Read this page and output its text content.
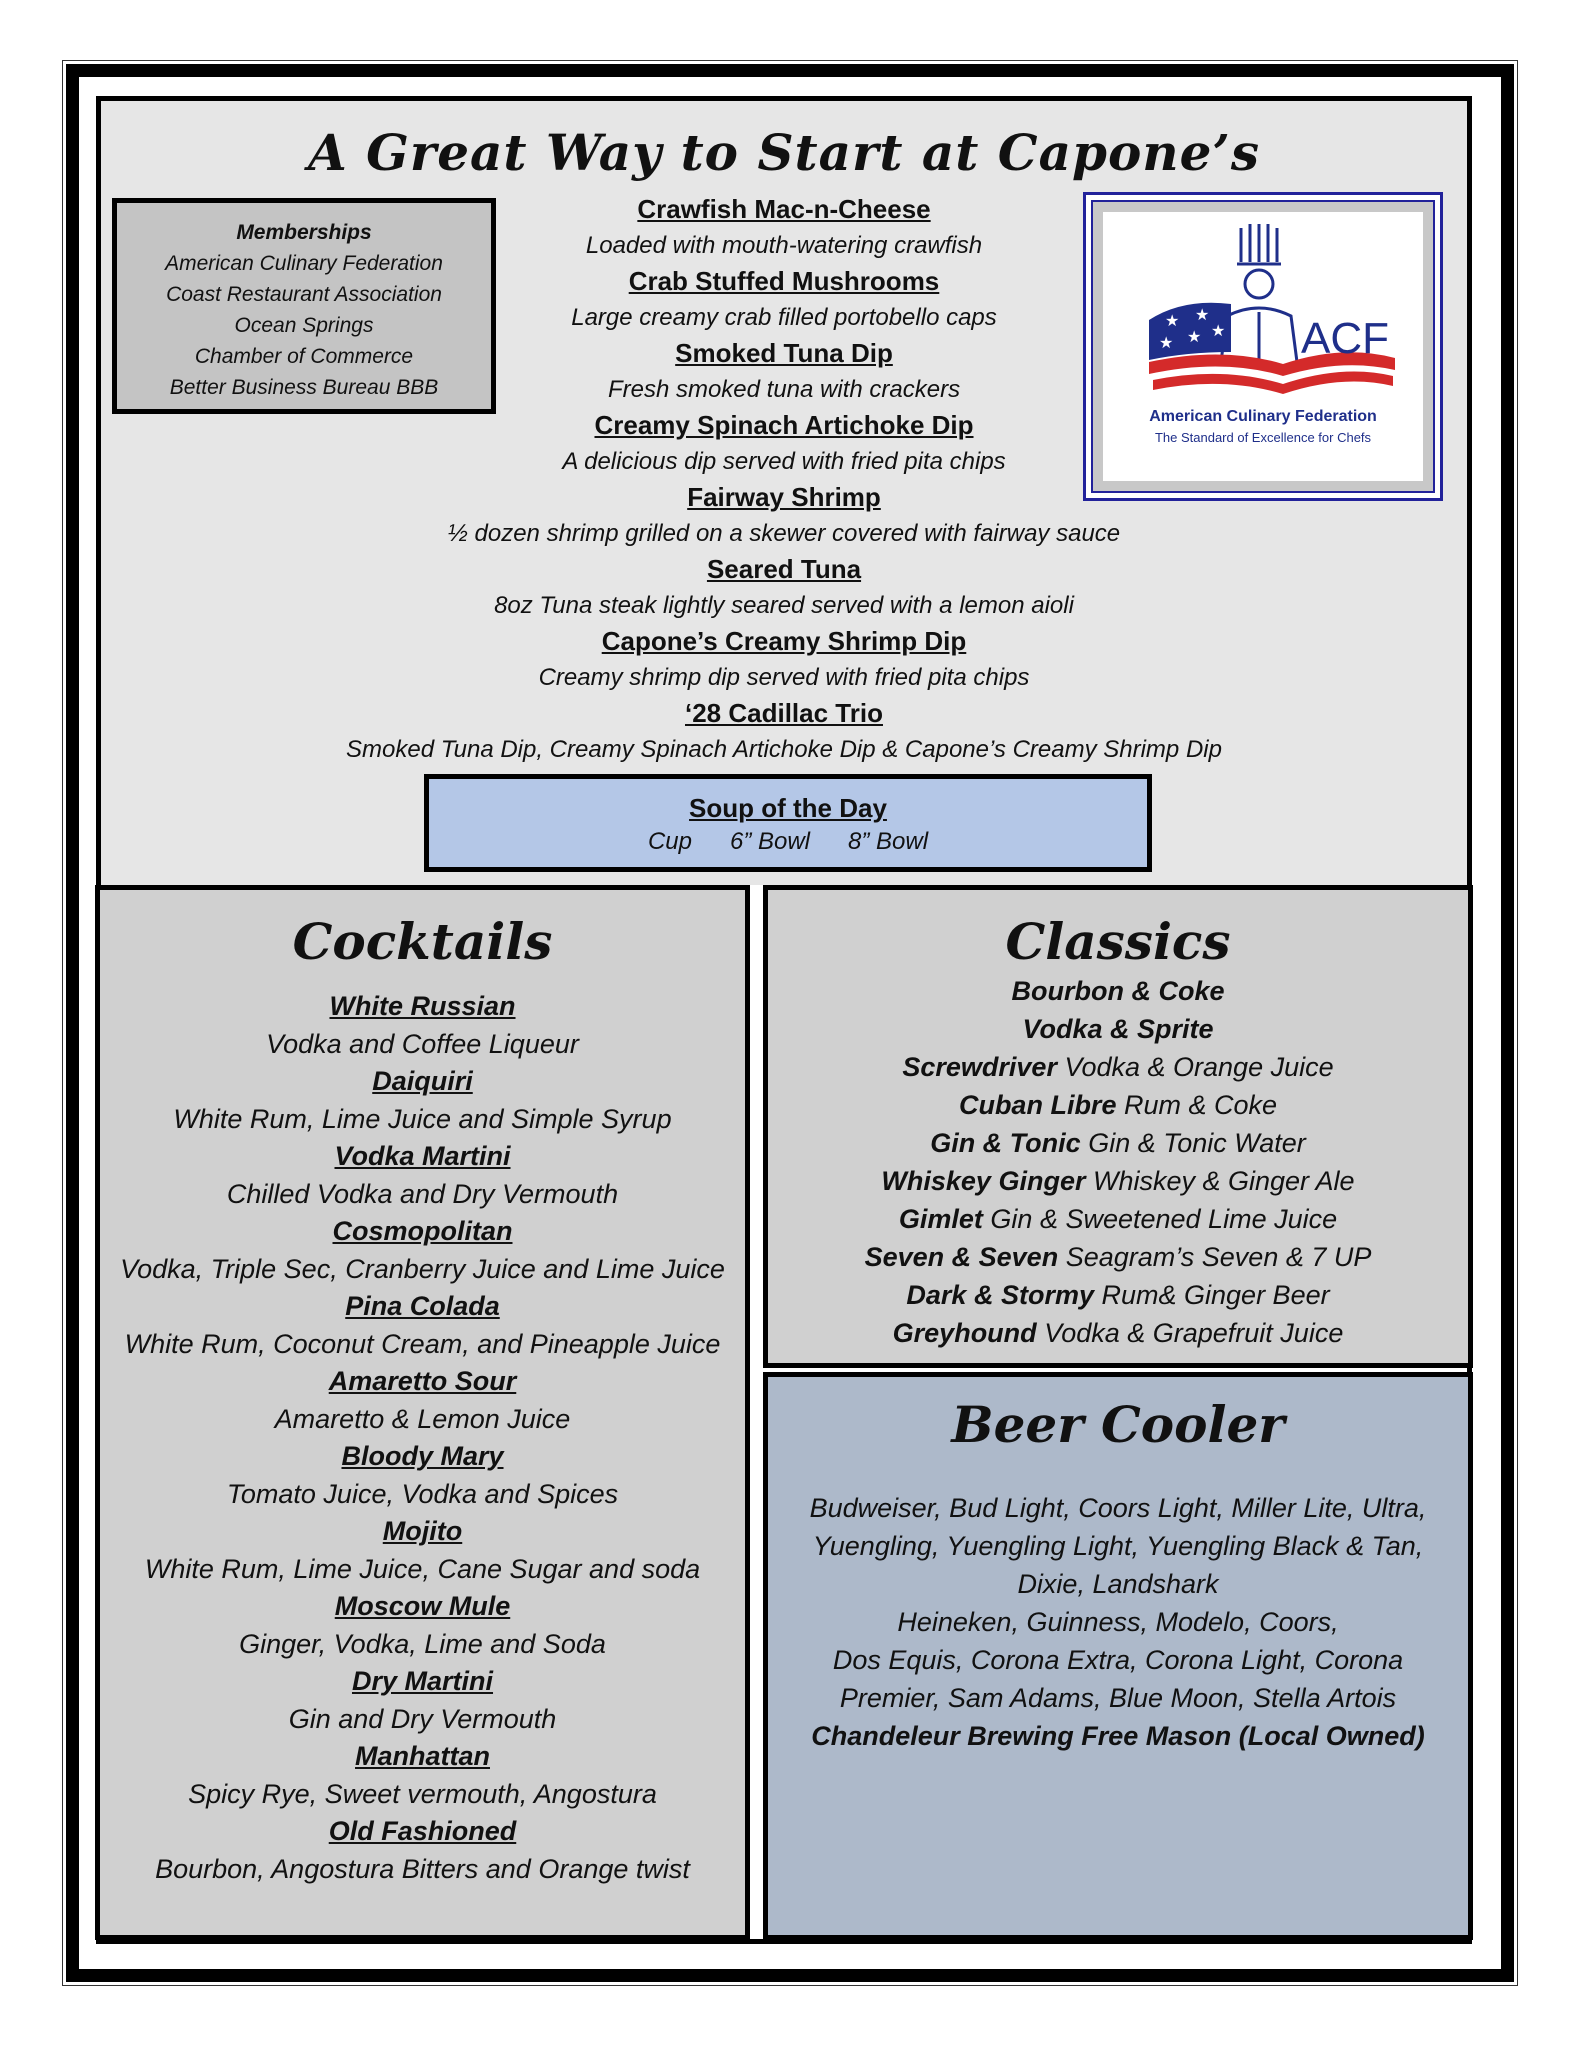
A Great Way to Start at Capone’s
Crawfish Mac-n-Cheese
Loaded with mouth-watering crawfish
Crab Stuffed Mushrooms
Large creamy crab filled portobello caps
Smoked Tuna Dip
Fresh smoked tuna with crackers
Creamy Spinach Artichoke Dip
A delicious dip served with fried pita chips
Fairway Shrimp
½ dozen shrimp grilled on a skewer covered with fairway sauce
Seared Tuna
8oz Tuna steak lightly seared served with a lemon aioli
Capone’s Creamy Shrimp Dip
Creamy shrimp dip served with fried pita chips
‘28 Cadillac Trio
Smoked Tuna Dip, Creamy Spinach Artichoke Dip & Capone’s Creamy Shrimp Dip
Memberships
American Culinary Federation
Coast Restaurant Association
Ocean Springs
Chamber of Commerce
Better Business Bureau BBB
★ ★
★ ★ ★ ACF
American Culinary Federation
The Standard of Excellence for Chefs
Soup of the Day
Cup 6” Bowl 8” Bowl
Cocktails
White Russian
Vodka and Coffee Liqueur
Daiquiri
White Rum, Lime Juice and Simple Syrup
Vodka Martini
Chilled Vodka and Dry Vermouth
Cosmopolitan
Vodka, Triple Sec, Cranberry Juice and Lime Juice
Pina Colada
White Rum, Coconut Cream, and Pineapple Juice
Amaretto Sour
Amaretto & Lemon Juice
Bloody Mary
Tomato Juice, Vodka and Spices
Mojito
White Rum, Lime Juice, Cane Sugar and soda
Moscow Mule
Ginger, Vodka, Lime and Soda
Dry Martini
Gin and Dry Vermouth
Manhattan
Spicy Rye, Sweet vermouth, Angostura
Old Fashioned
Bourbon, Angostura Bitters and Orange twist
Classics
Bourbon & Coke
Vodka & Sprite
Screwdriver Vodka & Orange Juice
Cuban Libre Rum & Coke
Gin & Tonic Gin & Tonic Water
Whiskey Ginger Whiskey & Ginger Ale
Gimlet Gin & Sweetened Lime Juice
Seven & Seven Seagram’s Seven & 7 UP
Dark & Stormy Rum& Ginger Beer
Greyhound Vodka & Grapefruit Juice
Beer Cooler
Budweiser, Bud Light, Coors Light, Miller Lite, Ultra,
Yuengling, Yuengling Light, Yuengling Black & Tan,
Dixie, Landshark
Heineken, Guinness, Modelo, Coors,
Dos Equis, Corona Extra, Corona Light, Corona
Premier, Sam Adams, Blue Moon, Stella Artois
Chandeleur Brewing Free Mason (Local Owned)
